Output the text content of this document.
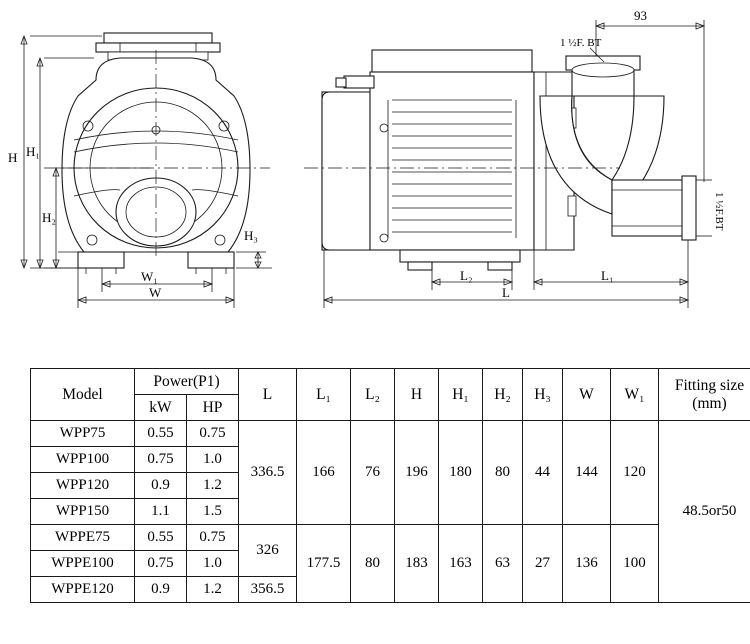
H H₁
H₂
H₃
W₁
W
93
1 ½F. BT
1 ½F.BT
L₂	L₁
L
Model	Power(P1)		L	L₁	L₂	H	H₁	H₂	H₃	W	W₁	Fitting size
(mm)
	kW	HP										
WPP75	0.55	0.75	336.5	166	76	196	180	80	44	144	120	48.5or50
WPP100	0.75	1.0										
WPP120	0.9	1.2										
WPP150	1.1	1.5										
WPPE75	0.55	0.75	326	177.5	80	183	163	63	27	136	100	
WPPE100	0.75	1.0										
WPPE120	0.9	1.2	356.5									
